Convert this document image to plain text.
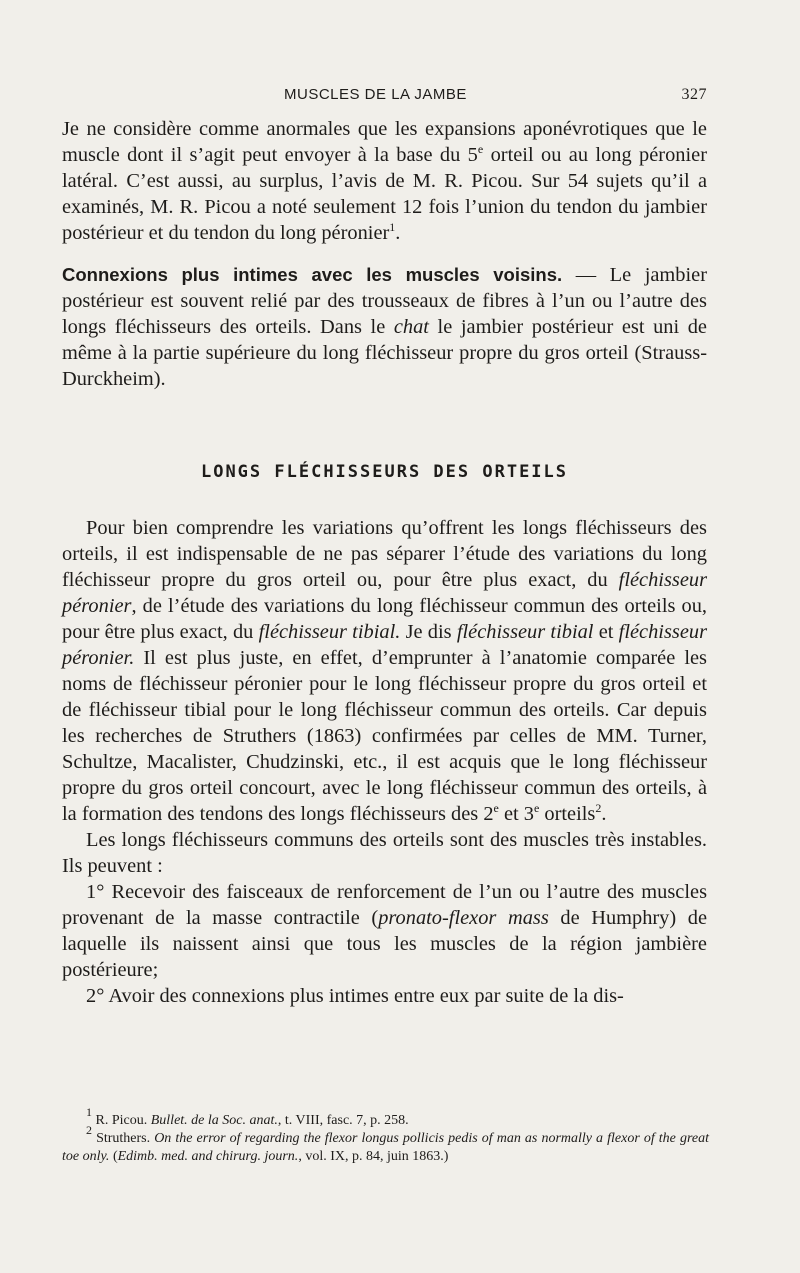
MUSCLES DE LA JAMBE	327

Je ne considère comme anormales que les expansions aponévrotiques que le muscle dont il s’agit peut envoyer à la base du 5e orteil ou au long péronier latéral. C’est aussi, au surplus, l’avis de M. R. Picou. Sur 54 sujets qu’il a examinés, M. R. Picou a noté seulement 12 fois l’union du tendon du jambier postérieur et du tendon du long péronier$^1$.

Connexions plus intimes avec les muscles voisins. — Le jambier postérieur est souvent relié par des trousseaux de fibres à l’un ou l’autre des longs fléchisseurs des orteils. Dans le chat le jambier postérieur est uni de même à la partie supérieure du long fléchisseur propre du gros orteil (Strauss-Durckheim).

LONGS FLÉCHISSEURS DES ORTEILS

Pour bien comprendre les variations qu’offrent les longs fléchisseurs des orteils, il est indispensable de ne pas séparer l’étude des variations du long fléchisseur propre du gros orteil ou, pour être plus exact, du fléchisseur péronier, de l’étude des variations du long fléchisseur commun des orteils ou, pour être plus exact, du fléchisseur tibial. Je dis fléchisseur tibial et fléchisseur péronier. Il est plus juste, en effet, d’emprunter à l’anatomie comparée les noms de fléchisseur péronier pour le long fléchisseur propre du gros orteil et de fléchisseur tibial pour le long fléchisseur commun des orteils. Car depuis les recherches de Struthers (1863) confirmées par celles de MM. Turner, Schultze, Macalister, Chudzinski, etc., il est acquis que le long fléchisseur propre du gros orteil concourt, avec le long fléchisseur commun des orteils, à la formation des tendons des longs fléchisseurs des 2e et 3e orteils$^2$.

Les longs fléchisseurs communs des orteils sont des muscles très instables. Ils peuvent :

1° Recevoir des faisceaux de renforcement de l’un ou l’autre des muscles provenant de la masse contractile (pronato-flexor mass de Humphry) de laquelle ils naissent ainsi que tous les muscles de la région jambière postérieure;

2° Avoir des connexions plus intimes entre eux par suite de la dis-

$^1$ R. Picou. Bullet. de la Soc. anat., t. VIII, fasc. 7, p. 258.

$^2$ Struthers. On the error of regarding the flexor longus pollicis pedis of man as normally a flexor of the great toe only. (Edimb. med. and chirurg. journ., vol. IX, p. 84, juin 1863.)
